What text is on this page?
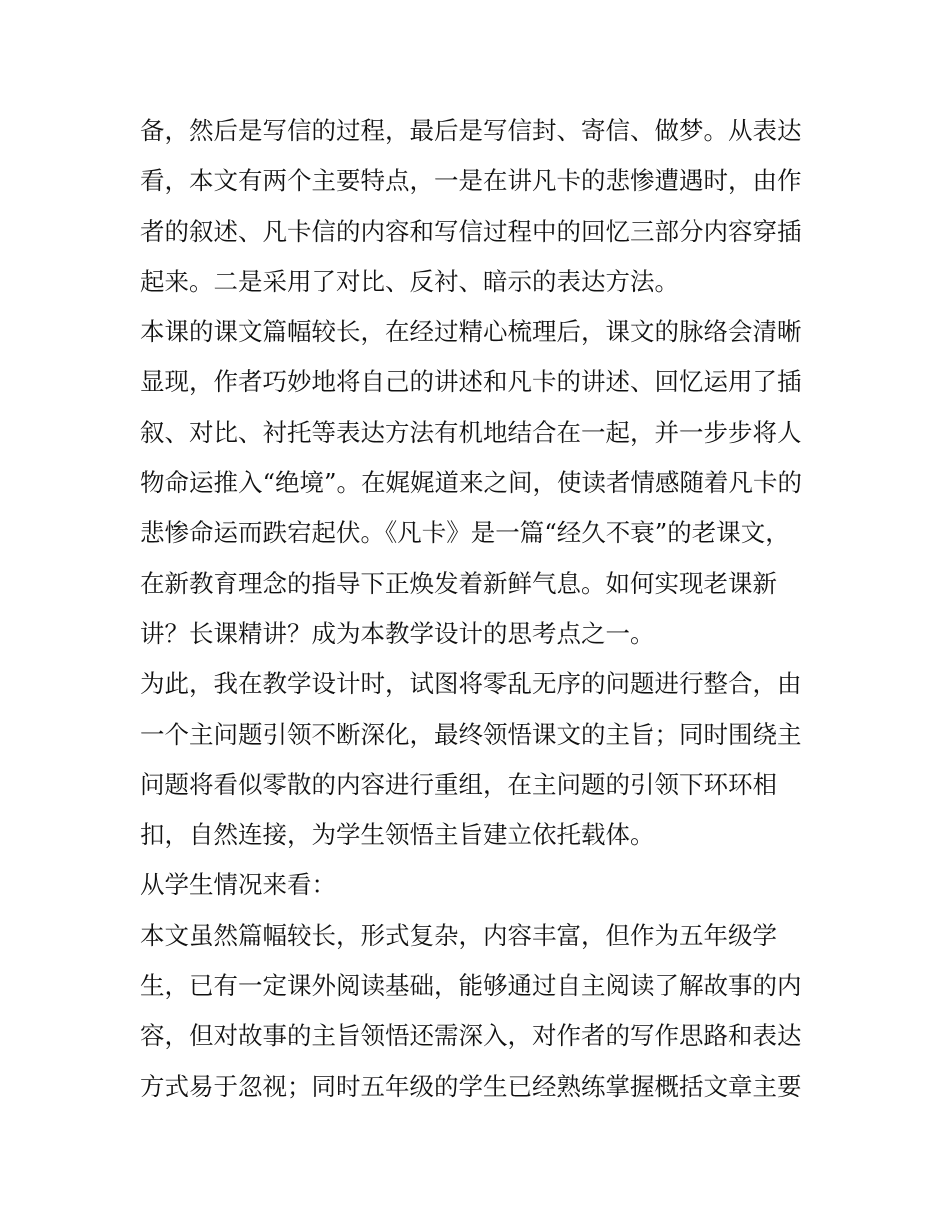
备，然后是写信的过程，最后是写信封、寄信、做梦。从表达
看，本文有两个主要特点，一是在讲凡卡的悲惨遭遇时，由作
者的叙述、凡卡信的内容和写信过程中的回忆三部分内容穿插
起来。二是采用了对比、反衬、暗示的表达方法。
本课的课文篇幅较长，在经过精心梳理后，课文的脉络会清晰
显现，作者巧妙地将自己的讲述和凡卡的讲述、回忆运用了插
叙、对比、衬托等表达方法有机地结合在一起，并一步步将人
物命运推入“绝境”。在娓娓道来之间，使读者情感随着凡卡的
悲惨命运而跌宕起伏。《凡卡》是一篇“经久不衰”的老课文，
在新教育理念的指导下正焕发着新鲜气息。如何实现老课新
讲？长课精讲？成为本教学设计的思考点之一。
为此，我在教学设计时，试图将零乱无序的问题进行整合，由
一个主问题引领不断深化，最终领悟课文的主旨；同时围绕主
问题将看似零散的内容进行重组，在主问题的引领下环环相
扣，自然连接，为学生领悟主旨建立依托载体。
从学生情况来看：
本文虽然篇幅较长，形式复杂，内容丰富，但作为五年级学
生，已有一定课外阅读基础，能够通过自主阅读了解故事的内
容，但对故事的主旨领悟还需深入，对作者的写作思路和表达
方式易于忽视；同时五年级的学生已经熟练掌握概括文章主要
